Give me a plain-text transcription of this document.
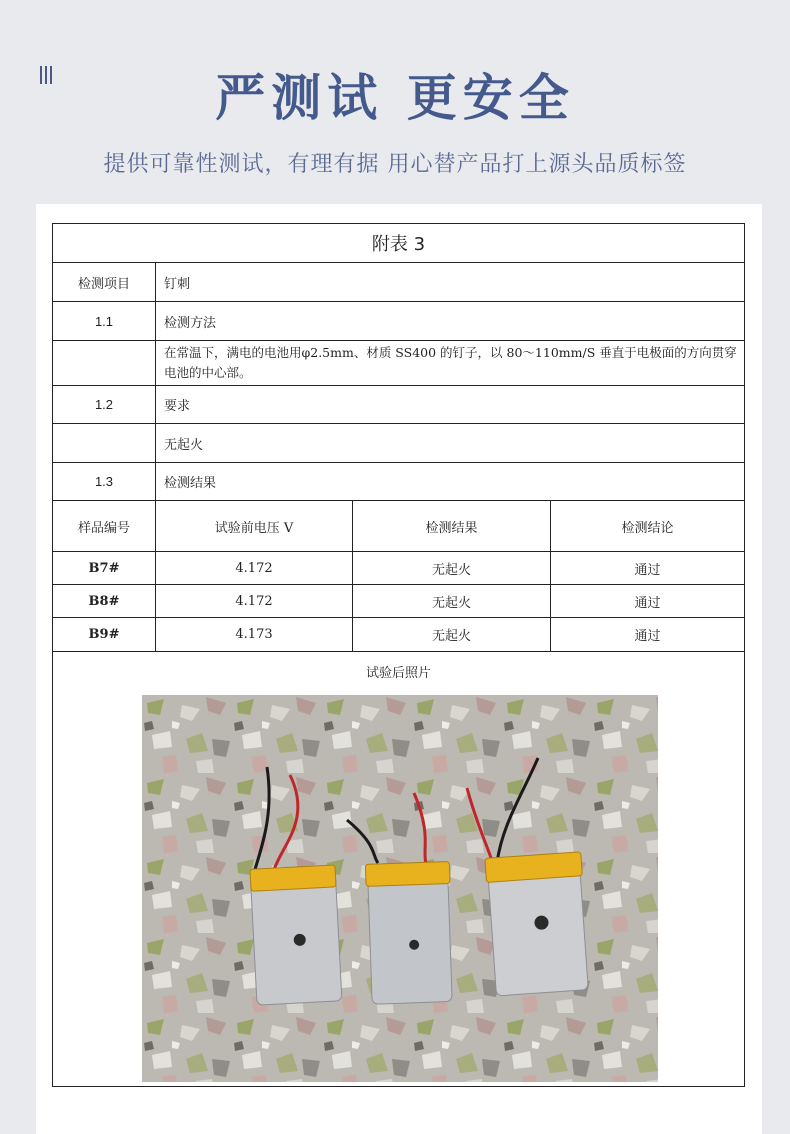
严测试 更安全
提供可靠性测试，有理有据 用心替产品打上源头品质标签
附表 3
检测项目	钉刺
1.1	检测方法
在常温下，满电的电池用φ2.5mm、材质 SS400 的钉子，以 80～110mm/S 垂直于电极面的方向贯穿电池的中心部。
1.2	要求
无起火
1.3	检测结果
样品编号	试验前电压 V	检测结果	检测结论
B7#	4.172	无起火	通过
B8#	4.172	无起火	通过
B9#	4.173	无起火	通过
试验后照片
